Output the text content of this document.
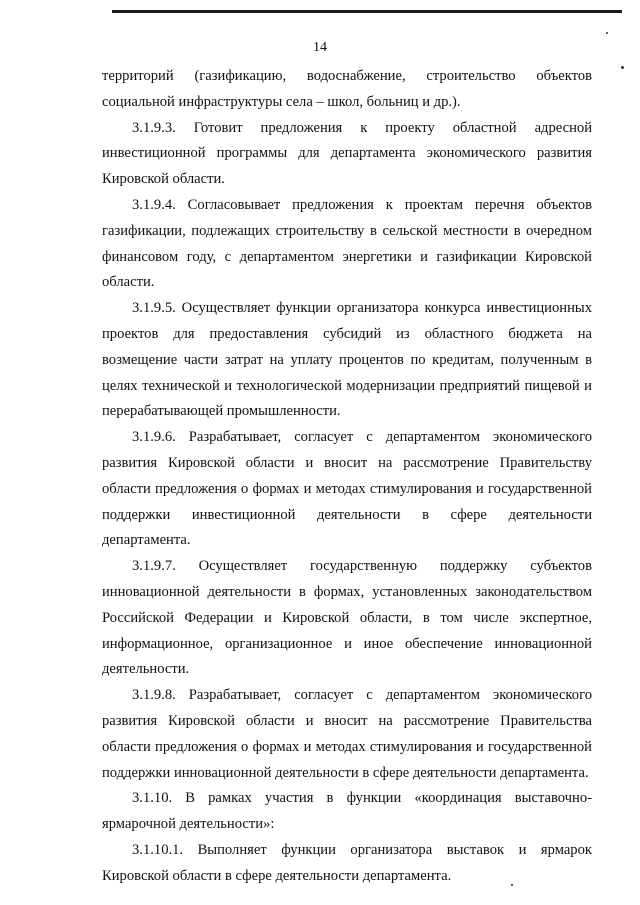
14

территорий (газификацию, водоснабжение, строительство объектов социальной инфраструктуры села – школ, больниц и др.).

3.1.9.3. Готовит предложения к проекту областной адресной инвестиционной программы для департамента экономического развития Кировской области.

3.1.9.4. Согласовывает предложения к проектам перечня объектов газификации, подлежащих строительству в сельской местности в очередном финансовом году, с департаментом энергетики и газификации Кировской области.

3.1.9.5. Осуществляет функции организатора конкурса инвестиционных проектов для предоставления субсидий из областного бюджета на возмещение части затрат на уплату процентов по кредитам, полученным в целях технической и технологической модернизации предприятий пищевой и перерабатывающей промышленности.

3.1.9.6. Разрабатывает, согласует с департаментом экономического развития Кировской области и вносит на рассмотрение Правительству области предложения о формах и методах стимулирования и государственной поддержки инвестиционной деятельности в сфере деятельности департамента.

3.1.9.7. Осуществляет государственную поддержку субъектов инновационной деятельности в формах, установленных законодательством Российской Федерации и Кировской области, в том числе экспертное, информационное, организационное и иное обеспечение инновационной деятельности.

3.1.9.8. Разрабатывает, согласует с департаментом экономического развития Кировской области и вносит на рассмотрение Правительства области предложения о формах и методах стимулирования и государственной поддержки инновационной деятельности в сфере деятельности департамента.

3.1.10. В рамках участия в функции «координация выставочно-ярмарочной деятельности»:

3.1.10.1. Выполняет функции организатора выставок и ярмарок Кировской области в сфере деятельности департамента.
